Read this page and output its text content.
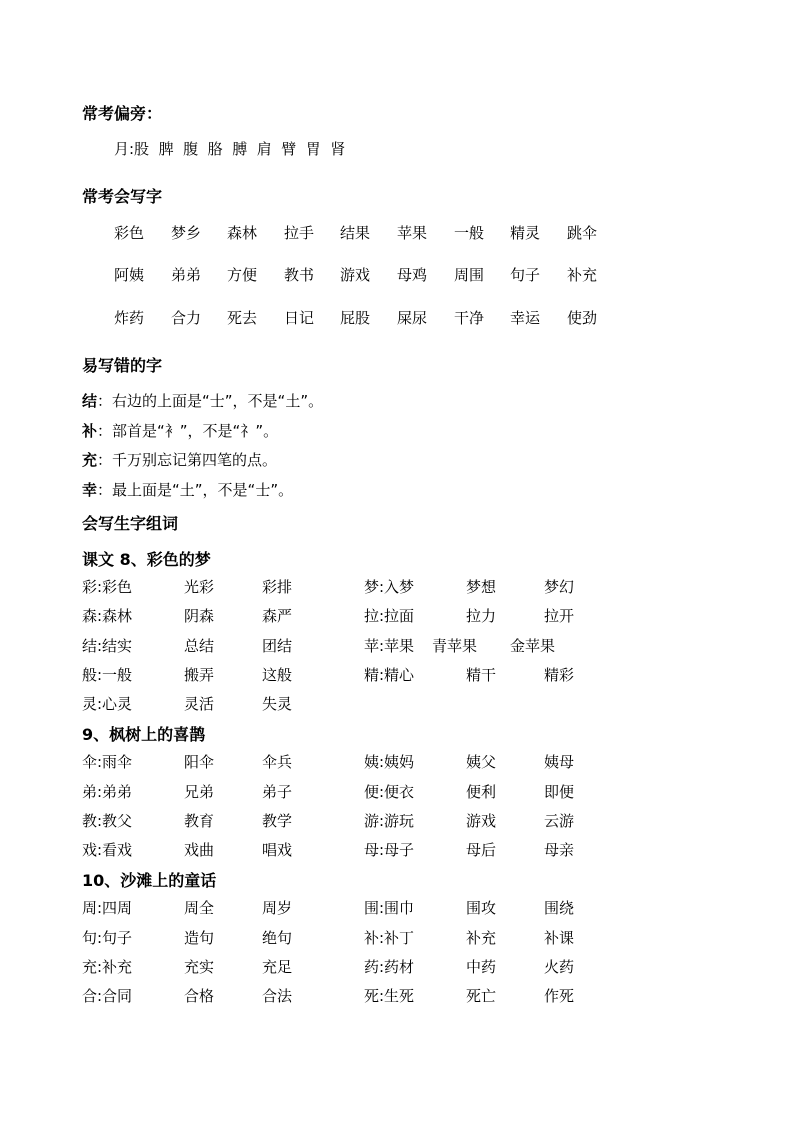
常考偏旁：
月:股  脾  腹  胳  膊  肩  臂  胃  肾
常考会写字
彩色 梦乡 森林 拉手 结果 苹果 一般 精灵 跳伞
阿姨 弟弟 方便 教书 游戏 母鸡 周围 句子 补充
炸药 合力 死去 日记 屁股 屎尿 干净 幸运 使劲
易写错的字
结：右边的上面是“士”，不是“土”。
补：部首是“衤”，不是“礻”。
充：千万别忘记第四笔的点。
幸：最上面是“土”，不是“士”。
会写生字组词
课文 8、彩色的梦
彩:彩色	光彩	彩排	梦:入梦	梦想	梦幻
森:森林	阴森	森严	拉:拉面	拉力	拉开
结:结实	总结	团结	苹:苹果 青苹果 金苹果
般:一般	搬弄	这般	精:精心	精干	精彩
灵:心灵	灵活	失灵
9、枫树上的喜鹊
伞:雨伞	阳伞	伞兵	姨:姨妈	姨父	姨母
弟:弟弟	兄弟	弟子	便:便衣	便利	即便
教:教父	教育	教学	游:游玩	游戏	云游
戏:看戏	戏曲	唱戏	母:母子	母后	母亲
10、沙滩上的童话
周:四周	周全	周岁	围:围巾	围攻	围绕
句:句子	造句	绝句	补:补丁	补充	补课
充:补充	充实	充足	药:药材	中药	火药
合:合同	合格	合法	死:生死	死亡	作死
